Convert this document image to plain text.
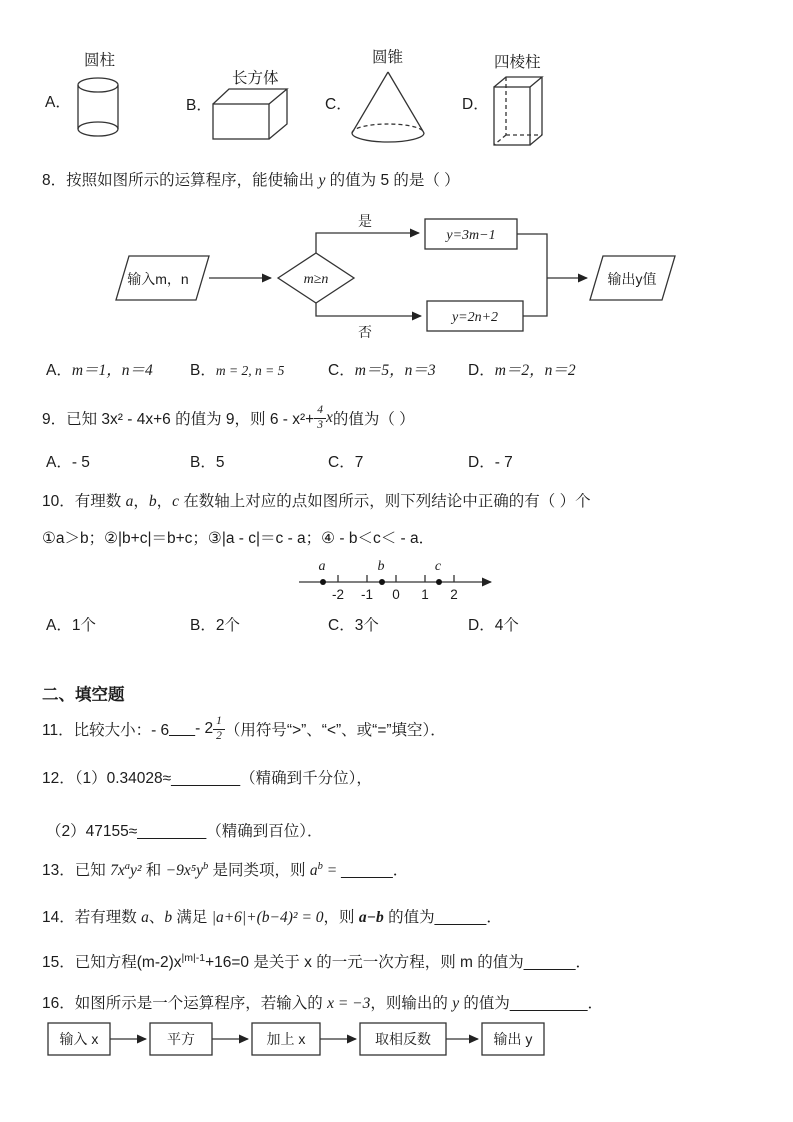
圆柱
A．
长方体
B．
圆锥
C．
四棱柱
D．
8．按照如图所示的运算程序，能使输出 y 的值为 5 的是（ ）
输入m，n	m≥n
是
y=3m−1
否
y=2n+2
输出y值
A．m＝1，n＝4 B．m = 2, n = 5	C．m＝5，n＝3 D．m＝2，n＝2
9．已知 3x² - 4x+6 的值为 9，则 $6 - x^2+ \frac{4}{3}$ x 的值为（ ）
A．- 5	B．5	C．7	D．- 7
10．有理数 a，b，c 在数轴上对应的点如图所示，则下列结论中正确的有（ ）个
①a＞b；②|b+c|＝b+c；③|a - c|＝c - a；④ - b＜c＜ - a．
a	b	c
-2 -1 0 1 2
A．1个	B．2个	C．3个	D．4个
二、填空题
11．比较大小：- 6 ___ - $2 \frac{1}{2}$ （用符号“>”、“<”、或“=”填空）．
12．（1）0.34028≈________（精确到千分位），
（2）47155≈________（精确到百位）．
13．已知 $7x^ay^2$ 和 $-9x^5y^b$ 是同类项，则 $a^b$ = ______．
14．若有理数 a、b 满足 |a+6|+(b−4)² = 0，则 a−b 的值为______．
15．已知方程$(m-2)x^{|m|-1}+16=0$ 是关于 x 的一元一次方程，则 m 的值为______．
16．如图所示是一个运算程序，若输入的 x = −3，则输出的 y 的值为_________．
输入 x	平方	加上 x	取相反数	输出 y
